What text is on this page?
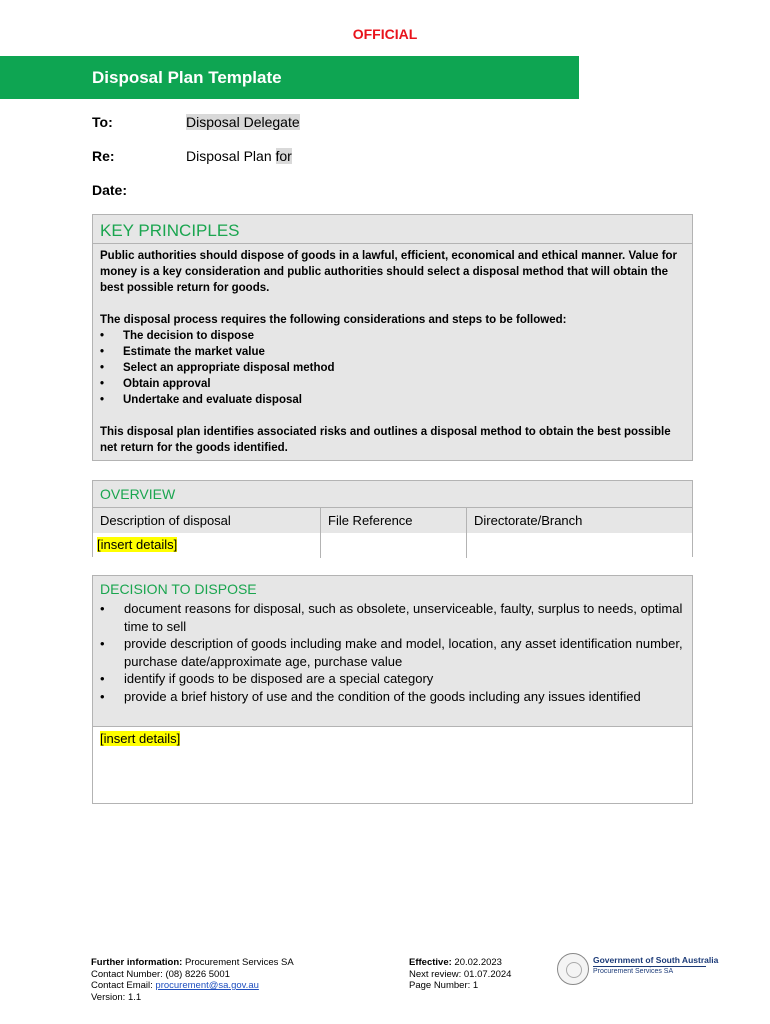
OFFICIAL
Disposal Plan Template
To:	Disposal Delegate
Re:	Disposal Plan for
Date:
KEY PRINCIPLES
Public authorities should dispose of goods in a lawful, efficient, economical and ethical manner. Value for money is a key consideration and public authorities should select a disposal method that will obtain the best possible return for goods.
The disposal process requires the following considerations and steps to be followed:
• The decision to dispose
• Estimate the market value
• Select an appropriate disposal method
• Obtain approval
• Undertake and evaluate disposal
This disposal plan identifies associated risks and outlines a disposal method to obtain the best possible net return for the goods identified.
OVERVIEW
Description of disposal	File Reference	Directorate/Branch
[insert details]
DECISION TO DISPOSE
• document reasons for disposal, such as obsolete, unserviceable, faulty, surplus to needs, optimal time to sell
• provide description of goods including make and model, location, any asset identification number, purchase date/approximate age, purchase value
• identify if goods to be disposed are a special category
• provide a brief history of use and the condition of the goods including any issues identified
[insert details]
Further information: Procurement Services SA
Contact Number: (08) 8226 5001
Contact Email: procurement@sa.gov.au
Version: 1.1
Effective: 20.02.2023
Next review: 01.07.2024
Page Number: 1
Government of South Australia
Procurement Services SA
